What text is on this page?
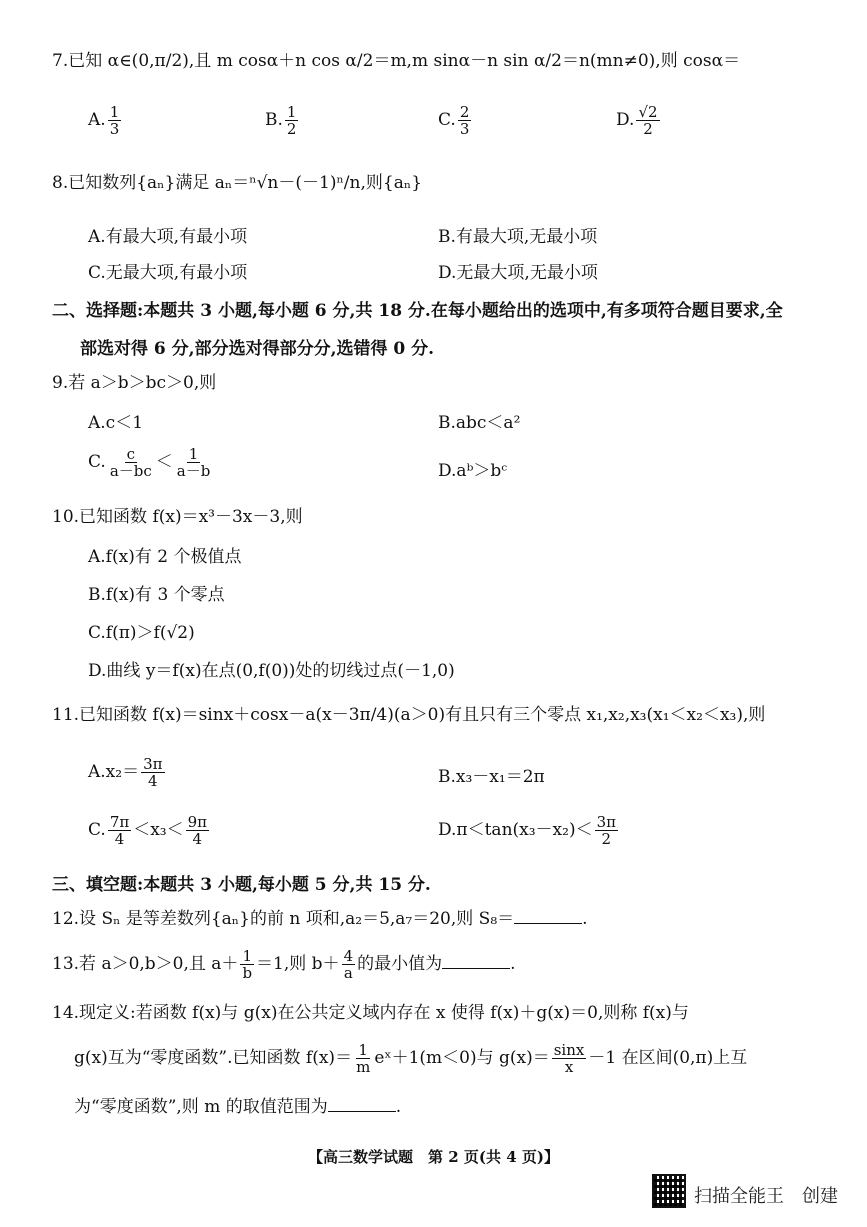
7.已知 α∈(0,π/2),且 m cosα＋n cos α/2＝m,m sinα－n sin α/2＝n(mn≠0),则 cosα＝
A. $\frac{1}{3}$	B. $\frac{1}{2}$	C. $\frac{2}{3}$	D. $\frac{√2}{2}$
8.已知数列{aₙ}满足 aₙ＝ⁿ√n－(－1)ⁿ/n,则{aₙ}
A.有最大项,有最小项	B.有最大项,无最小项
C.无最大项,有最小项	D.无最大项,无最小项
二、选择题:本题共 3 小题,每小题 6 分,共 18 分.在每小题给出的选项中,有多项符合题目要求,全
部选对得 6 分,部分选对得部分分,选错得 0 分.
9.若 a＞b＞bc＞0,则
A.c＜1	B.abc＜a²
C. $\frac{c}{a-bc} < \frac{1}{a-b}$	D.aᵇ＞bᶜ
10.已知函数 f(x)＝x³－3x－3,则
A.f(x)有 2 个极值点
B.f(x)有 3 个零点
C.f(π)＞f(√2)
D.曲线 y＝f(x)在点(0,f(0))处的切线过点(－1,0)
11.已知函数 f(x)＝sinx＋cosx－a(x－3π/4)(a＞0)有且只有三个零点 x₁,x₂,x₃(x₁＜x₂＜x₃),则
$A.x_2= \frac{3\pi}{4}$	B.x₃－x₁＝2π
C. $\frac{7\pi}{4} <x_3< \frac{9\pi}{4}$	$D.\pi<\tan(x_3-x_2)< \frac{3\pi}{2}$
三、填空题:本题共 3 小题,每小题 5 分,共 15 分.
12.设 Sₙ 是等差数列{aₙ}的前 n 项和,a₂＝5,a₇＝20,则 S₈＝	.
13.若 a＞0,b＞0,且 $a+ \frac{1}{b} =1$,则 $b+ \frac{4}{a}$ 的最小值为	.
14.现定义:若函数 f(x)与 g(x)在公共定义域内存在 x 使得 f(x)＋g(x)＝0,则称 f(x)与
g(x)互为“零度函数”.已知函数 $f(x)= \frac{1}{m}$ eˣ＋1(m＜0)与 $g(x)= \frac{\sin x}{x} -1$ 在区间(0,π)上互
为“零度函数”,则 m 的取值范围为	.
【高三数学试题　第 2 页(共 4 页)】
扫描全能王　创建
